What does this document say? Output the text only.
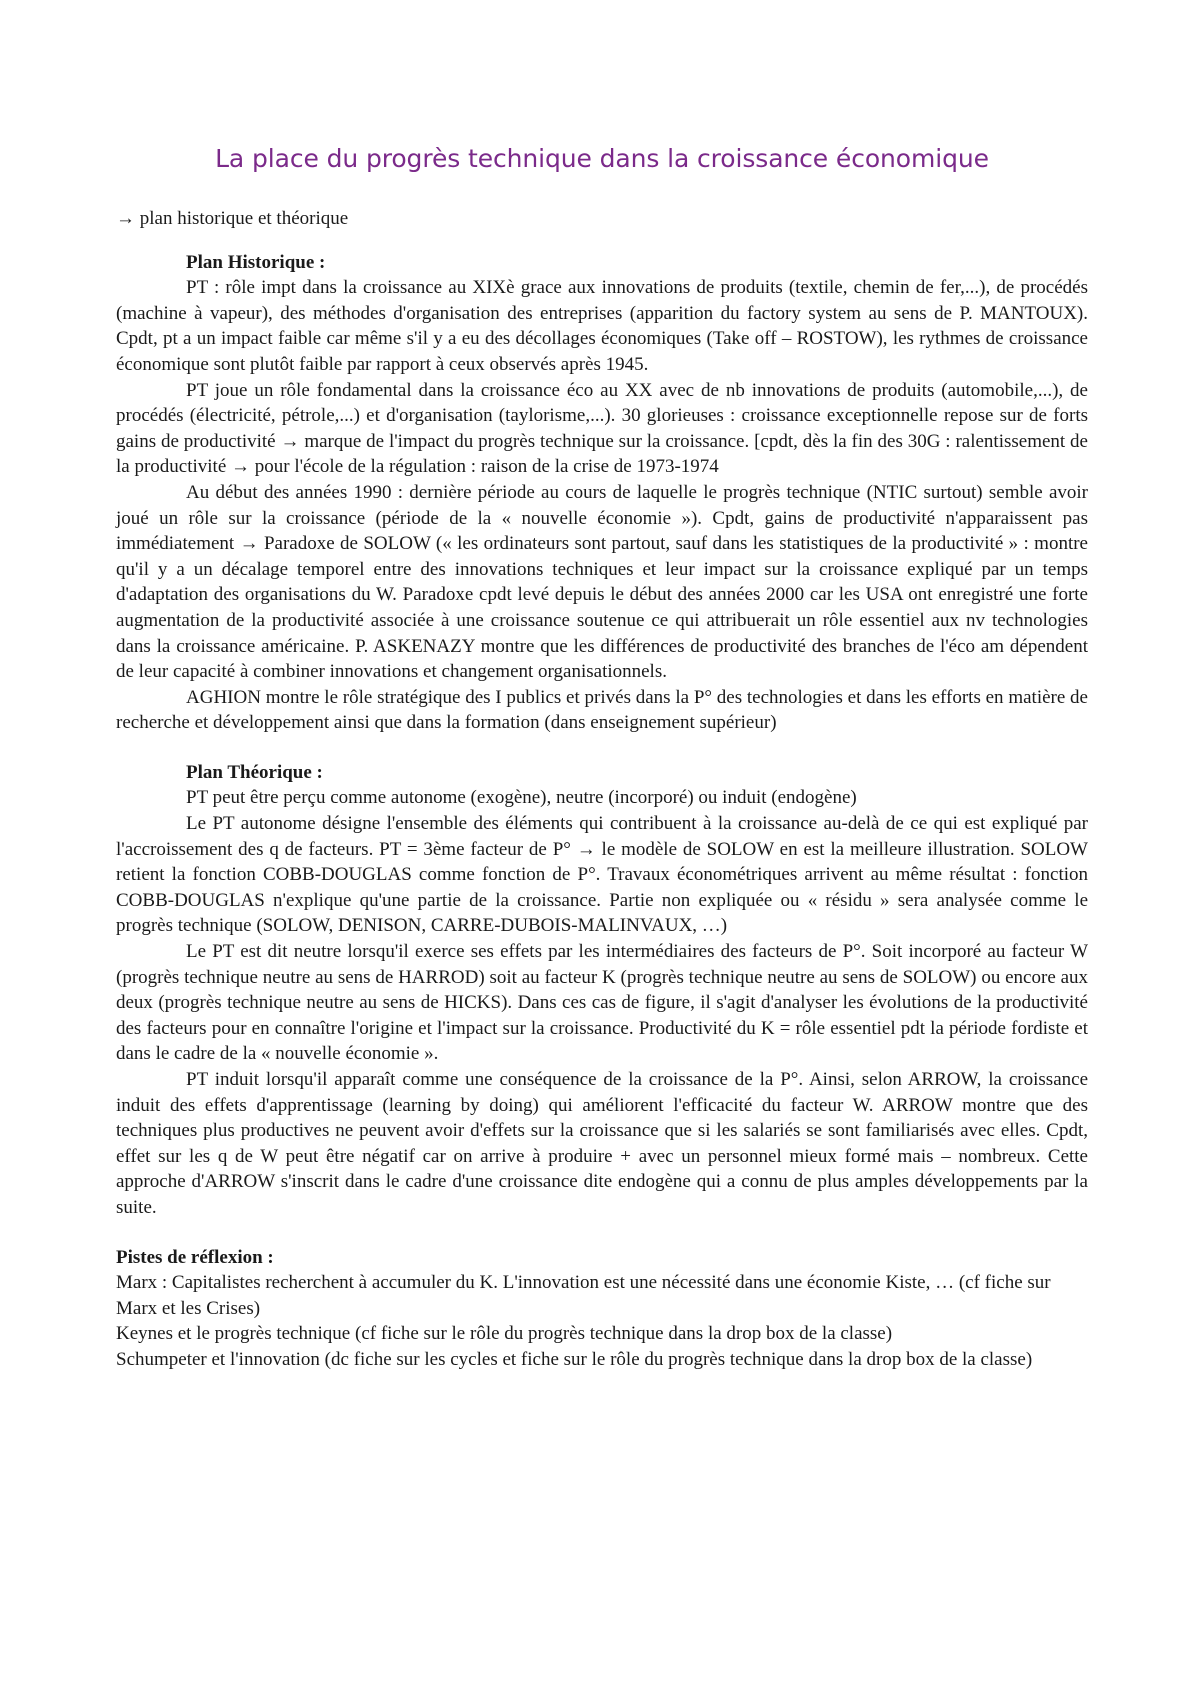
La place du progrès technique dans la croissance économique

→ plan historique et théorique

Plan Historique :

PT : rôle impt dans la croissance au XIXè grace aux innovations de produits (textile, chemin de fer,...), de procédés (machine à vapeur), des méthodes d'organisation des entreprises (apparition du factory system au sens de P. MANTOUX). Cpdt, pt a un impact faible car même s'il y a eu des décollages économiques (Take off – ROSTOW), les rythmes de croissance économique sont plutôt faible par rapport à ceux observés après 1945.

PT joue un rôle fondamental dans la croissance éco au XX avec de nb innovations de produits (automobile,...), de procédés (électricité, pétrole,...) et d'organisation (taylorisme,...). 30 glorieuses : croissance exceptionnelle repose sur de forts gains de productivité → marque de l'impact du progrès technique sur la croissance. [cpdt, dès la fin des 30G : ralentissement de la productivité → pour l'école de la régulation : raison de la crise de 1973-1974

Au début des années 1990 : dernière période au cours de laquelle le progrès technique (NTIC surtout) semble avoir joué un rôle sur la croissance (période de la « nouvelle économie »). Cpdt, gains de productivité n'apparaissent pas immédiatement → Paradoxe de SOLOW (« les ordinateurs sont partout, sauf dans les statistiques de la productivité » : montre qu'il y a un décalage temporel entre des innovations techniques et leur impact sur la croissance expliqué par un temps d'adaptation des organisations du W. Paradoxe cpdt levé depuis le début des années 2000 car les USA ont enregistré une forte augmentation de la productivité associée à une croissance soutenue ce qui attribuerait un rôle essentiel aux nv technologies dans la croissance américaine. P. ASKENAZY montre que les différences de productivité des branches de l'éco am dépendent de leur capacité à combiner innovations et changement organisationnels.

AGHION montre le rôle stratégique des I publics et privés dans la P° des technologies et dans les efforts en matière de recherche et développement ainsi que dans la formation (dans enseignement supérieur)

Plan Théorique :

PT peut être perçu comme autonome (exogène), neutre (incorporé) ou induit (endogène)

Le PT autonome désigne l'ensemble des éléments qui contribuent à la croissance au-delà de ce qui est expliqué par l'accroissement des q de facteurs. PT = 3ème facteur de P° → le modèle de SOLOW en est la meilleure illustration. SOLOW retient la fonction COBB-DOUGLAS comme fonction de P°. Travaux économétriques arrivent au même résultat : fonction COBB-DOUGLAS n'explique qu'une partie de la croissance. Partie non expliquée ou « résidu » sera analysée comme le progrès technique (SOLOW, DENISON, CARRE-DUBOIS-MALINVAUX, …)

Le PT est dit neutre lorsqu'il exerce ses effets par les intermédiaires des facteurs de P°. Soit incorporé au facteur W (progrès technique neutre au sens de HARROD) soit au facteur K (progrès technique neutre au sens de SOLOW) ou encore aux deux (progrès technique neutre au sens de HICKS). Dans ces cas de figure, il s'agit d'analyser les évolutions de la productivité des facteurs pour en connaître l'origine et l'impact sur la croissance. Productivité du K = rôle essentiel pdt la période fordiste et dans le cadre de la « nouvelle économie ».

PT induit lorsqu'il apparaît comme une conséquence de la croissance de la P°. Ainsi, selon ARROW, la croissance induit des effets d'apprentissage (learning by doing) qui améliorent l'efficacité du facteur W. ARROW montre que des techniques plus productives ne peuvent avoir d'effets sur la croissance que si les salariés se sont familiarisés avec elles. Cpdt, effet sur les q de W peut être négatif car on arrive à produire + avec un personnel mieux formé mais – nombreux. Cette approche d'ARROW s'inscrit dans le cadre d'une croissance dite endogène qui a connu de plus amples développements par la suite.

Pistes de réflexion :

Marx : Capitalistes recherchent à accumuler du K. L'innovation est une nécessité dans une économie Kiste, … (cf fiche sur Marx et les Crises)

Keynes et le progrès technique (cf fiche sur le rôle du progrès technique dans la drop box de la classe)

Schumpeter et l'innovation (dc fiche sur les cycles et fiche sur le rôle du progrès technique dans la drop box de la classe)
